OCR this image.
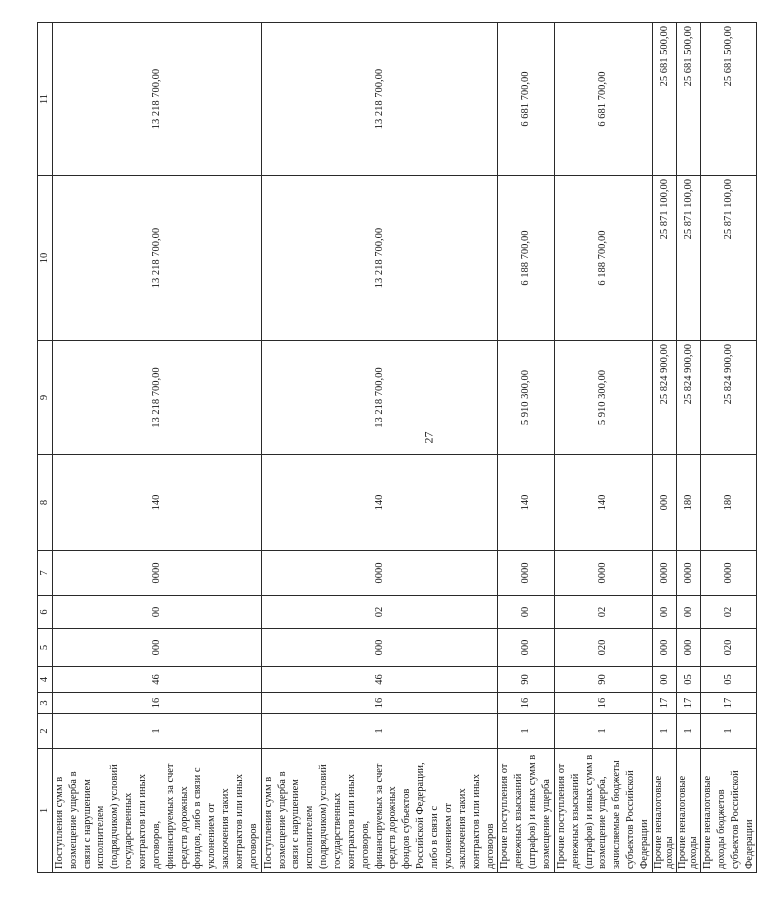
27
1	2	3	4	5	6	7	8	9	10	11
Поступления сумм в возмещение ущерба в связи с нарушением исполнителем (подрядчиком) условий государственных контрактов или иных договоров, финансируемых за счет средств дорожных фондов, либо в связи с уклонением от заключения таких контрактов или иных договоров	1	16	46	000	00	0000	140	13 218 700,00	13 218 700,00	13 218 700,00
Поступления сумм в возмещение ущерба в связи с нарушением исполнителем (подрядчиком) условий государственных контрактов или иных договоров, финансируемых за счет средств дорожных фондов субъектов Российской Федерации, либо в связи с уклонением от заключения таких контрактов или иных договоров	1	16	46	000	02	0000	140	13 218 700,00	13 218 700,00	13 218 700,00
Прочие поступления от денежных взысканий (штрафов) и иных сумм в возмещение ущерба	1	16	90	000	00	0000	140	5 910 300,00	6 188 700,00	6 681 700,00
Прочие поступления от денежных взысканий (штрафов) и иных сумм в возмещение ущерба, зачисляемые в бюджеты субъектов Российской Федерации	1	16	90	020	02	0000	140	5 910 300,00	6 188 700,00	6 681 700,00
Прочие неналоговые доходы	1	17	00	000	00	0000	000	25 824 900,00	25 871 100,00	25 681 500,00
Прочие неналоговые доходы	1	17	05	000	00	0000	180	25 824 900,00	25 871 100,00	25 681 500,00
Прочие неналоговые доходы бюджетов субъектов Российской Федерации	1	17	05	020	02	0000	180	25 824 900,00	25 871 100,00	25 681 500,00
